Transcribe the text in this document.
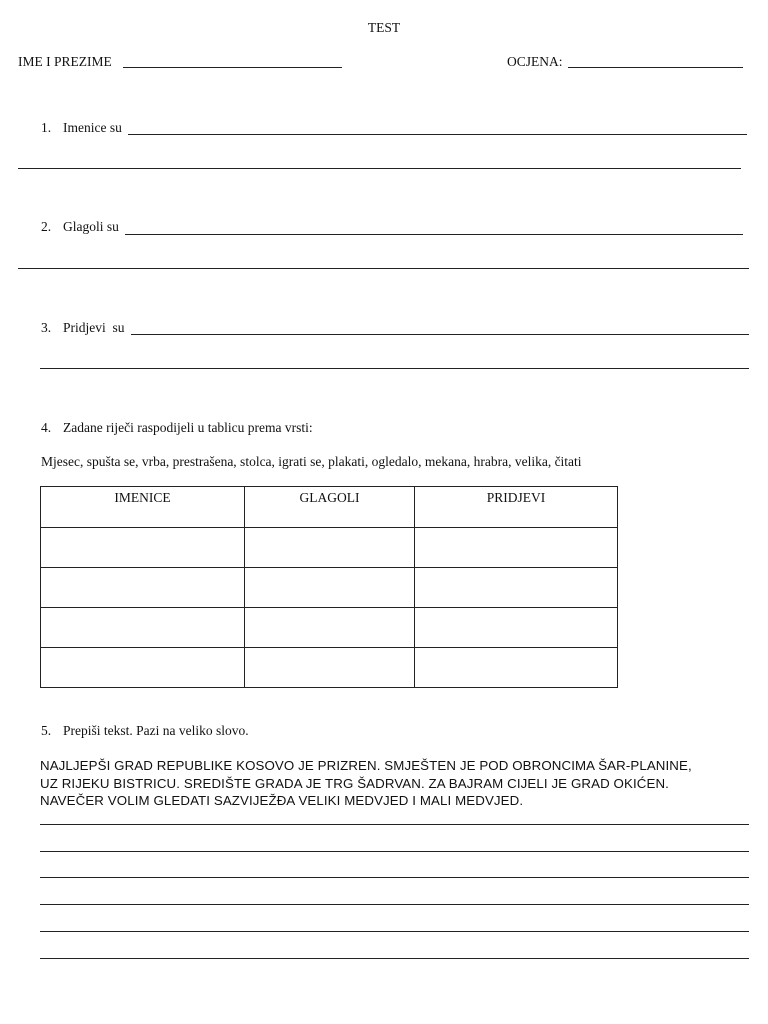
TEST
IME I PREZIME	OCJENA:
1. Imenice su
2. Glagoli su
3. Pridjevi  su
4. Zadane riječi raspodijeli u tablicu prema vrsti:
Mjesec, spušta se, vrba, prestrašena, stolca, igrati se, plakati, ogledalo, mekana, hrabra, velika, čitati
IMENICE	GLAGOLI	PRIDJEVI

5. Prepiši tekst. Pazi na veliko slovo.
NAJLJEPŠI GRAD REPUBLIKE KOSOVO JE PRIZREN. SMJEŠTEN JE POD OBRONCIMA ŠAR-PLANINE,
UZ RIJEKU BISTRICU. SREDIŠTE GRADA JE TRG ŠADRVAN. ZA BAJRAM CIJELI JE GRAD OKIĆEN.
NAVEČER VOLIM GLEDATI SAZVIJEŽĐA VELIKI MEDVJED I MALI MEDVJED.
